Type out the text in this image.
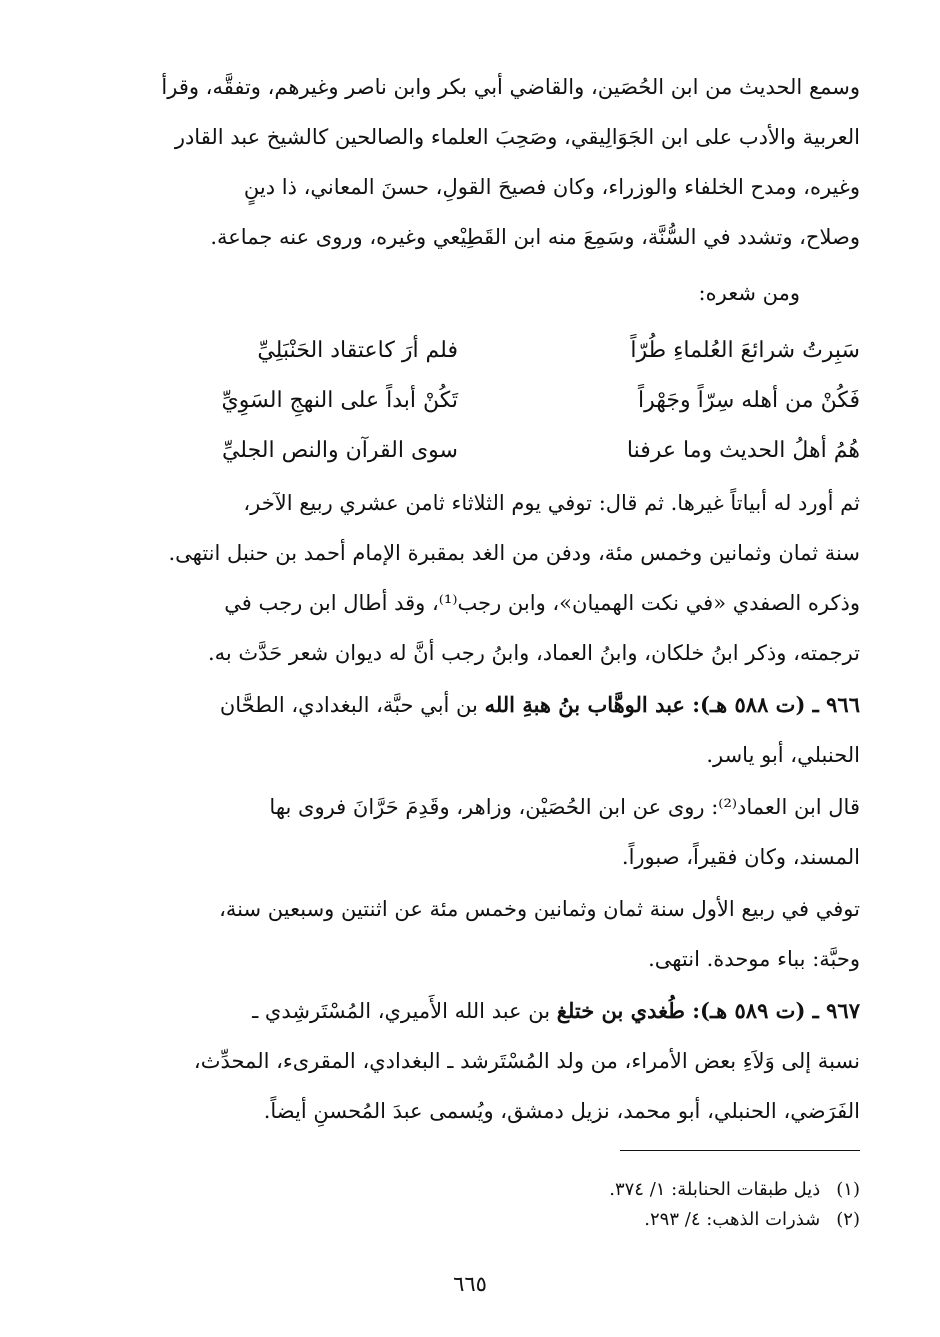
وسمع الحديث من ابن الحُصَين، والقاضي أبي بكر وابن ناصر وغيرهم، وتفقَّه، وقرأ
العربية والأدب على ابن الجَوَالِيقي، وصَحِبَ العلماء والصالحين كالشيخ عبد القادر
وغيره، ومدح الخلفاء والوزراء، وكان فصيحَ القولِ، حسنَ المعاني، ذا دينٍ
وصلاح، وتشدد في السُّنَّة، وسَمِعَ منه ابن القَطِيْعي وغيره، وروى عنه جماعة.
ومن شعره:
سَبِرتُ شرائعَ العُلماءِ طُرّاً
فلم أرَ كاعتقاد الحَنْبَلِيِّ
فَكُنْ من أهله سِرّاً وجَهْراً
تَكُنْ أبداً على النهجِ السَوِيِّ
هُمُ أهلُ الحديث وما عرفنا
سوى القرآن والنص الجليِّ
ثم أورد له أبياتاً غيرها. ثم قال: توفي يوم الثلاثاء ثامن عشري ربيع الآخر،
سنة ثمان وثمانين وخمس مئة، ودفن من الغد بمقبرة الإمام أحمد بن حنبل انتهى.
وذكره الصفدي «في نكت الهميان»، وابن رجب⁽¹⁾، وقد أطال ابن رجب في
ترجمته، وذكر ابنُ خلكان، وابنُ العماد، وابنُ رجب أنَّ له ديوان شعر حَدَّث به.
٩٦٦ ـ (ت ٥٨٨ هـ): عبد الوهَّاب بنُ هبةِ الله بن أبي حبَّة، البغدادي، الطحَّان
الحنبلي، أبو ياسر.
قال ابن العماد⁽²⁾: روى عن ابن الحُصَيْن، وزاهر، وقَدِمَ حَرَّانَ فروى بها
المسند، وكان فقيراً، صبوراً.
توفي في ربيع الأول سنة ثمان وثمانين وخمس مئة عن اثنتين وسبعين سنة،
وحبَّة: بباء موحدة. انتهى.
٩٦٧ ـ (ت ٥٨٩ هـ): طُغدي بن ختلغ بن عبد الله الأَميري، المُسْتَرشِدي ـ
نسبة إلى وَلاَءِ بعض الأمراء، من ولد المُسْتَرشد ـ البغدادي، المقرىء، المحدِّث،
الفَرَضي، الحنبلي، أبو محمد، نزيل دمشق، ويُسمى عبدَ المُحسنِ أيضاً.
(١) ذيل طبقات الحنابلة: ١/ ٣٧٤.
(٢) شذرات الذهب: ٤/ ٢٩٣.
٦٦٥
